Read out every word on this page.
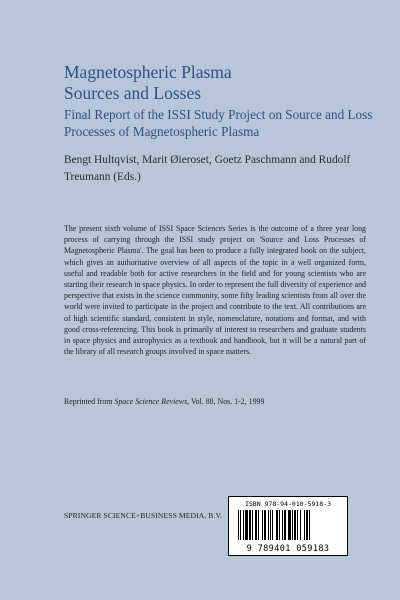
Magnetospheric Plasma
Sources and Losses
Final Report of the ISSI Study Project on Source and Loss Processes of Magnetospheric Plasma
Bengt Hultqvist, Marit Øieroset, Goetz Paschmann and Rudolf Treumann (Eds.)
The present sixth volume of ISSI Space Sciences Series is the outcome of a three year long process of carrying through the ISSI study project on 'Source and Loss Processes of Magnetospheric Plasma'. The goal has been to produce a fully integrated book on the subject, which gives an authoritative overview of all aspects of the topic in a well organized form, useful and readable both for active researchers in the field and for young scientists who are starting their research in space physics. In order to represent the full diversity of experience and perspective that exists in the science community, some fifty leading scientists from all over the world were invited to participate in the project and contribute to the text. All contributions are of high scientific standard, consistent in style, nomenclature, notations and format, and with good cross-referencing. This book is primarily of interest to researchers and graduate students in space physics and astrophysics as a textbook and handbook, but it will be a natural part of the library of all research groups involved in space matters.
Reprinted from Space Science Reviews, Vol. 88, Nos. 1-2, 1999
SPRINGER SCIENCE+BUSINESS MEDIA, B.V.
ISBN 978-94-010-5918-3
9 789401 059183
